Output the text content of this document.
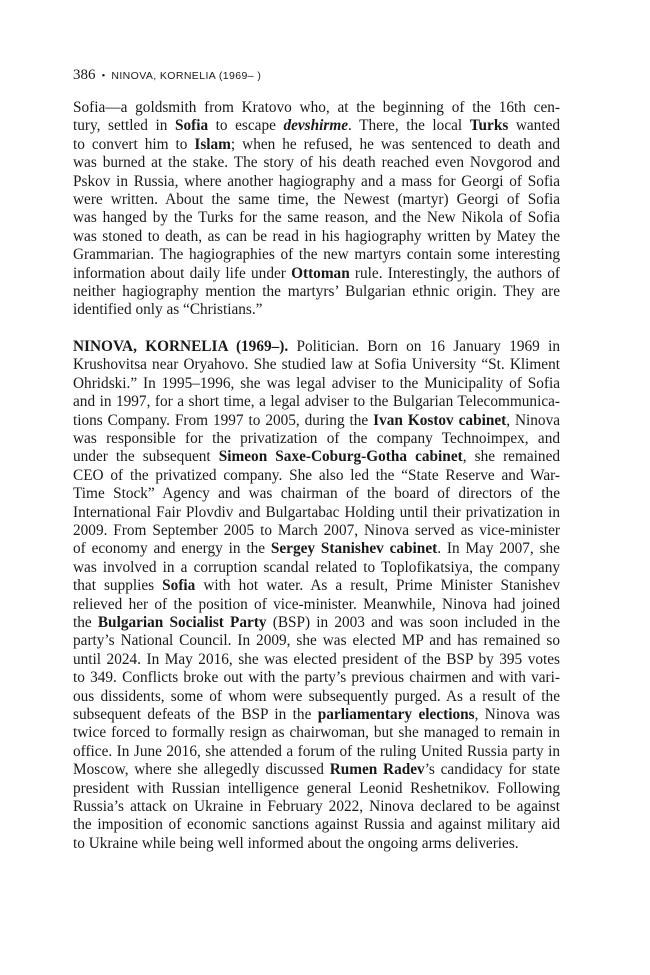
386 • NINOVA, KORNELIA (1969– )

Sofia—a goldsmith from Kratovo who, at the beginning of the 16th cen-
tury, settled in Sofia to escape devshirme. There, the local Turks wanted
to convert him to Islam; when he refused, he was sentenced to death and
was burned at the stake. The story of his death reached even Novgorod and
Pskov in Russia, where another hagiography and a mass for Georgi of Sofia
were written. About the same time, the Newest (martyr) Georgi of Sofia
was hanged by the Turks for the same reason, and the New Nikola of Sofia
was stoned to death, as can be read in his hagiography written by Matey the
Grammarian. The hagiographies of the new martyrs contain some interesting
information about daily life under Ottoman rule. Interestingly, the authors of
neither hagiography mention the martyrs’ Bulgarian ethnic origin. They are
identified only as “Christians.”

NINOVA, KORNELIA (1969–). Politician. Born on 16 January 1969 in
Krushovitsa near Oryahovo. She studied law at Sofia University “St. Kliment
Ohridski.” In 1995–1996, she was legal adviser to the Municipality of Sofia
and in 1997, for a short time, a legal adviser to the Bulgarian Telecommunica-
tions Company. From 1997 to 2005, during the Ivan Kostov cabinet, Ninova
was responsible for the privatization of the company Technoimpex, and
under the subsequent Simeon Saxe-Coburg-Gotha cabinet, she remained
CEO of the privatized company. She also led the “State Reserve and War-
Time Stock” Agency and was chairman of the board of directors of the
International Fair Plovdiv and Bulgartabac Holding until their privatization in
2009. From September 2005 to March 2007, Ninova served as vice-minister
of economy and energy in the Sergey Stanishev cabinet. In May 2007, she
was involved in a corruption scandal related to Toplofikatsiya, the company
that supplies Sofia with hot water. As a result, Prime Minister Stanishev
relieved her of the position of vice-minister. Meanwhile, Ninova had joined
the Bulgarian Socialist Party (BSP) in 2003 and was soon included in the
party’s National Council. In 2009, she was elected MP and has remained so
until 2024. In May 2016, she was elected president of the BSP by 395 votes
to 349. Conflicts broke out with the party’s previous chairmen and with vari-
ous dissidents, some of whom were subsequently purged. As a result of the
subsequent defeats of the BSP in the parliamentary elections, Ninova was
twice forced to formally resign as chairwoman, but she managed to remain in
office. In June 2016, she attended a forum of the ruling United Russia party in
Moscow, where she allegedly discussed Rumen Radev’s candidacy for state
president with Russian intelligence general Leonid Reshetnikov. Following
Russia’s attack on Ukraine in February 2022, Ninova declared to be against
the imposition of economic sanctions against Russia and against military aid
to Ukraine while being well informed about the ongoing arms deliveries.
